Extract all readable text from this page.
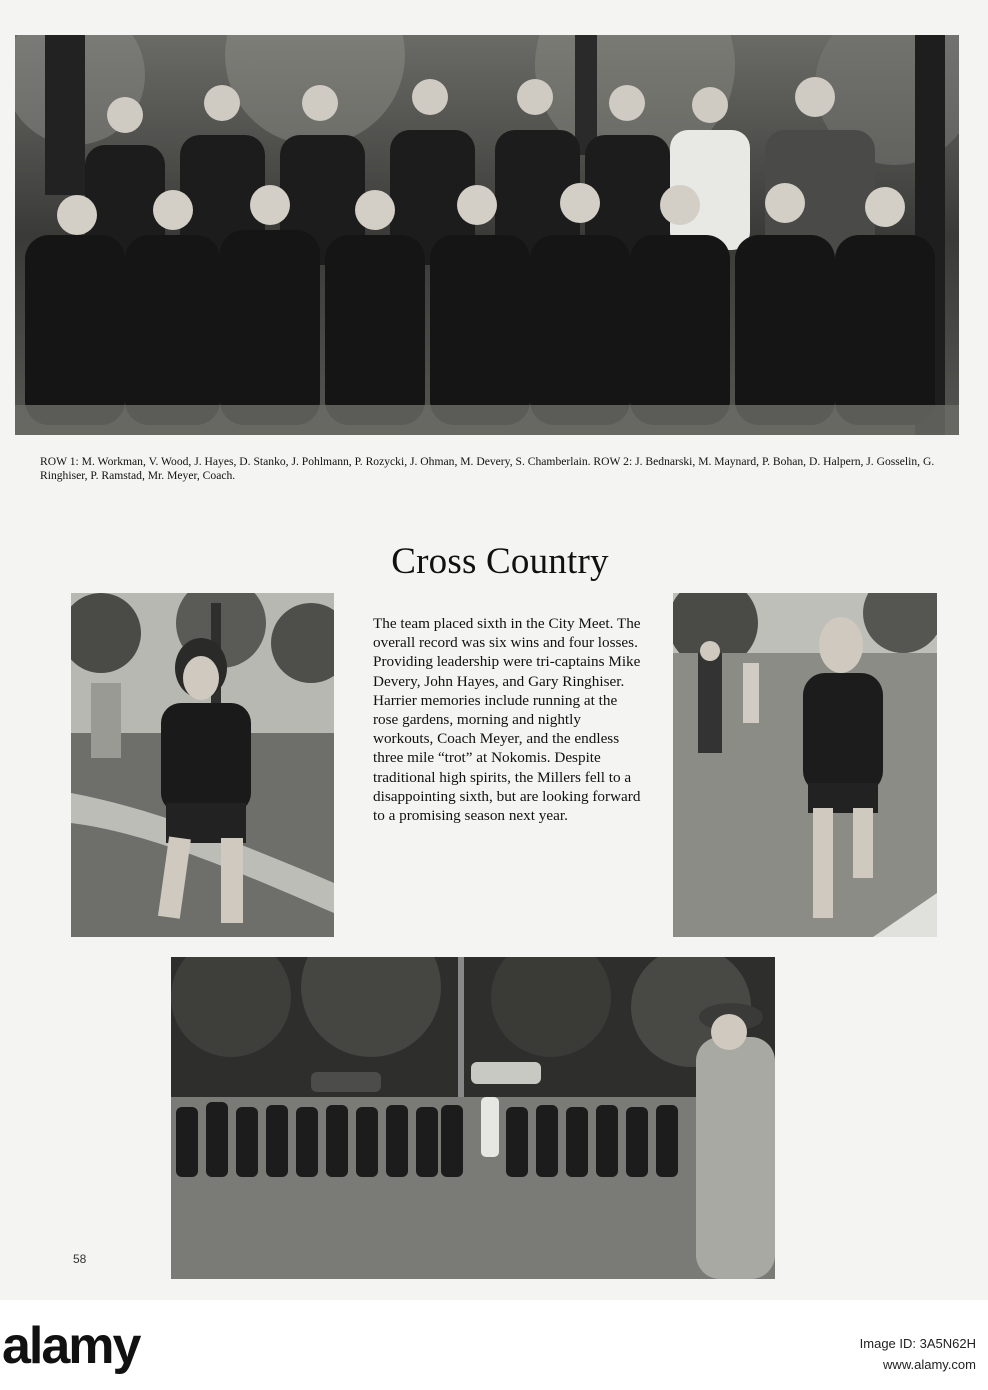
ROW 1: M. Workman, V. Wood, J. Hayes, D. Stanko, J. Pohlmann, P. Rozycki, J. Ohman, M. Devery, S. Chamberlain. ROW 2: J. Bednarski, M. Maynard, P. Bohan, D. Halpern, J. Gosselin, G. Ringhiser, P. Ramstad, Mr. Meyer, Coach.
Cross Country
The team placed sixth in the City Meet. The overall record was six wins and four losses. Providing leadership were tri-captains Mike Devery, John Hayes, and Gary Ringhiser. Harrier memories include running at the rose gardens, morning and nightly workouts, Coach Meyer, and the endless three mile “trot” at Nokomis. Despite traditional high spirits, the Millers fell to a disappointing sixth, but are looking forward to a promising season next year.
58
alamy	Image ID: 3A5N62H
www.alamy.com
